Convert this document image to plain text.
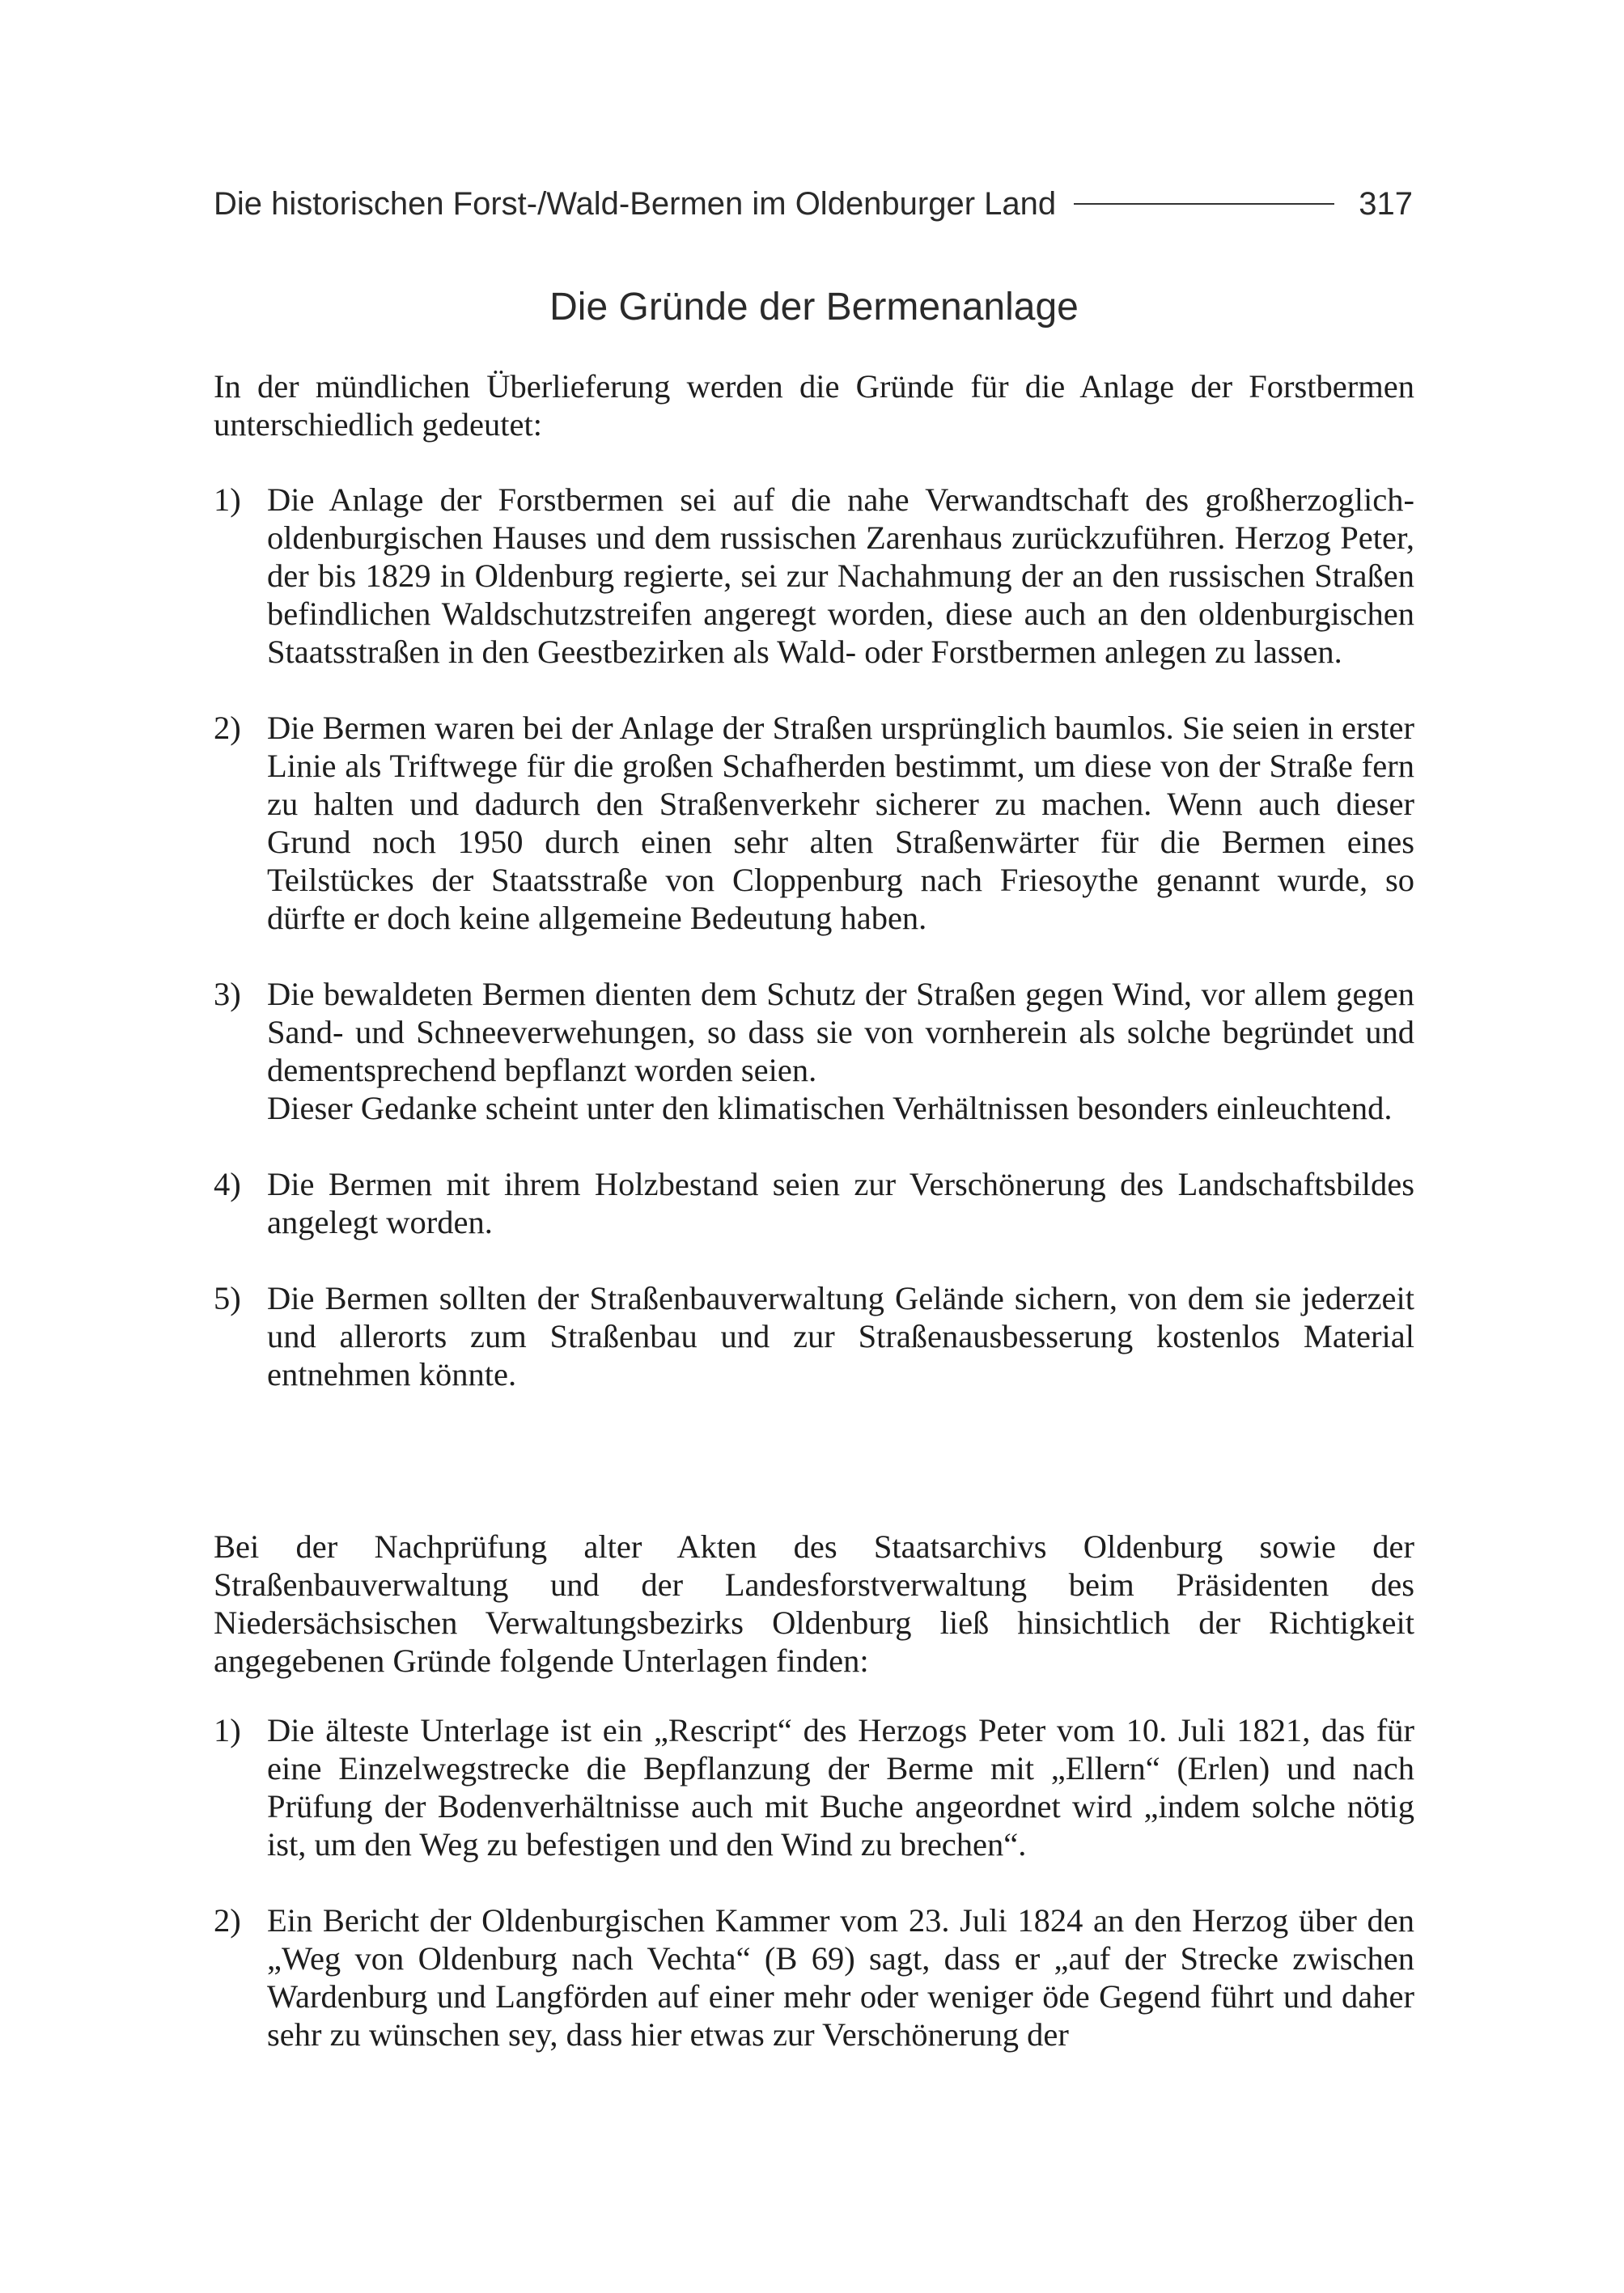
Die historischen Forst-/Wald-Bermen im Oldenburger Land	317
Die Gründe der Bermenanlage

In der mündlichen Überlieferung werden die Gründe für die Anlage der Forstbermen unterschiedlich gedeutet:

1) Die Anlage der Forstbermen sei auf die nahe Verwandtschaft des großherzoglich-oldenburgischen Hauses und dem russischen Zarenhaus zurückzuführen. Herzog Peter, der bis 1829 in Oldenburg regierte, sei zur Nachahmung der an den russischen Straßen befindlichen Waldschutzstreifen angeregt worden, diese auch an den oldenburgischen Staatsstraßen in den Geestbezirken als Wald- oder Forstbermen anlegen zu lassen.
2) Die Bermen waren bei der Anlage der Straßen ursprünglich baumlos. Sie seien in erster Linie als Triftwege für die großen Schafherden bestimmt, um diese von der Straße fern zu halten und dadurch den Straßenverkehr sicherer zu machen. Wenn auch dieser Grund noch 1950 durch einen sehr alten Straßenwärter für die Bermen eines Teilstückes der Staatsstraße von Cloppenburg nach Friesoythe genannt wurde, so dürfte er doch keine allgemeine Bedeutung haben.
3) Die bewaldeten Bermen dienten dem Schutz der Straßen gegen Wind, vor allem gegen Sand- und Schneeverwehungen, so dass sie von vornherein als solche begründet und dementsprechend bepflanzt worden seien.
Dieser Gedanke scheint unter den klimatischen Verhältnissen besonders einleuchtend.
4) Die Bermen mit ihrem Holzbestand seien zur Verschönerung des Landschaftsbildes angelegt worden.
5) Die Bermen sollten der Straßenbauverwaltung Gelände sichern, von dem sie jederzeit und allerorts zum Straßenbau und zur Straßenausbesserung kostenlos Material entnehmen könnte.

Bei der Nachprüfung alter Akten des Staatsarchivs Oldenburg sowie der Straßenbauverwaltung und der Landesforstverwaltung beim Präsidenten des Niedersächsischen Verwaltungsbezirks Oldenburg ließ hinsichtlich der Richtigkeit angegebenen Gründe folgende Unterlagen finden:

1) Die älteste Unterlage ist ein „Rescript“ des Herzogs Peter vom 10. Juli 1821, das für eine Einzelwegstrecke die Bepflanzung der Berme mit „Ellern“ (Erlen) und nach Prüfung der Bodenverhältnisse auch mit Buche angeordnet wird „indem solche nötig ist, um den Weg zu befestigen und den Wind zu brechen“.
2) Ein Bericht der Oldenburgischen Kammer vom 23. Juli 1824 an den Herzog über den „Weg von Oldenburg nach Vechta“ (B 69) sagt, dass er „auf der Strecke zwischen Wardenburg und Langförden auf einer mehr oder weniger öde Gegend führt und daher sehr zu wünschen sey, dass hier etwas zur Verschönerung der
